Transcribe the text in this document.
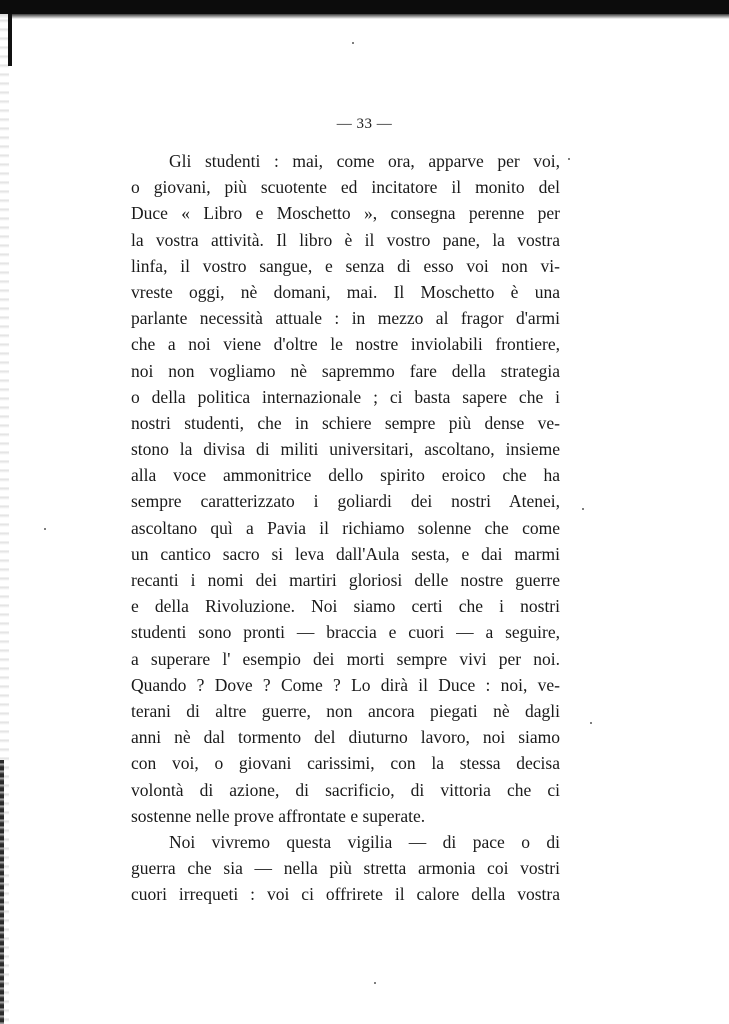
— 33 —
Gli studenti : mai, come ora, apparve per voi,
o giovani, più scuotente ed incitatore il monito del
Duce « Libro e Moschetto », consegna perenne per
la vostra attività. Il libro è il vostro pane, la vostra
linfa, il vostro sangue, e senza di esso voi non vi-
vreste oggi, nè domani, mai. Il Moschetto è una
parlante necessità attuale : in mezzo al fragor d'armi
che a noi viene d'oltre le nostre inviolabili frontiere,
noi non vogliamo nè sapremmo fare della strategia
o della politica internazionale ; ci basta sapere che i
nostri studenti, che in schiere sempre più dense ve-
stono la divisa di militi universitari, ascoltano, insieme
alla voce ammonitrice dello spirito eroico che ha
sempre caratterizzato i goliardi dei nostri Atenei,
ascoltano quì a Pavia il richiamo solenne che come
un cantico sacro si leva dall'Aula sesta, e dai marmi
recanti i nomi dei martiri gloriosi delle nostre guerre
e della Rivoluzione. Noi siamo certi che i nostri
studenti sono pronti — braccia e cuori — a seguire,
a superare l' esempio dei morti sempre vivi per noi.
Quando ? Dove ? Come ? Lo dirà il Duce : noi, ve-
terani di altre guerre, non ancora piegati nè dagli
anni nè dal tormento del diuturno lavoro, noi siamo
con voi, o giovani carissimi, con la stessa decisa
volontà di azione, di sacrificio, di vittoria che ci
sostenne nelle prove affrontate e superate.
Noi vivremo questa vigilia — di pace o di
guerra che sia — nella più stretta armonia coi vostri
cuori irrequeti : voi ci offrirete il calore della vostra
